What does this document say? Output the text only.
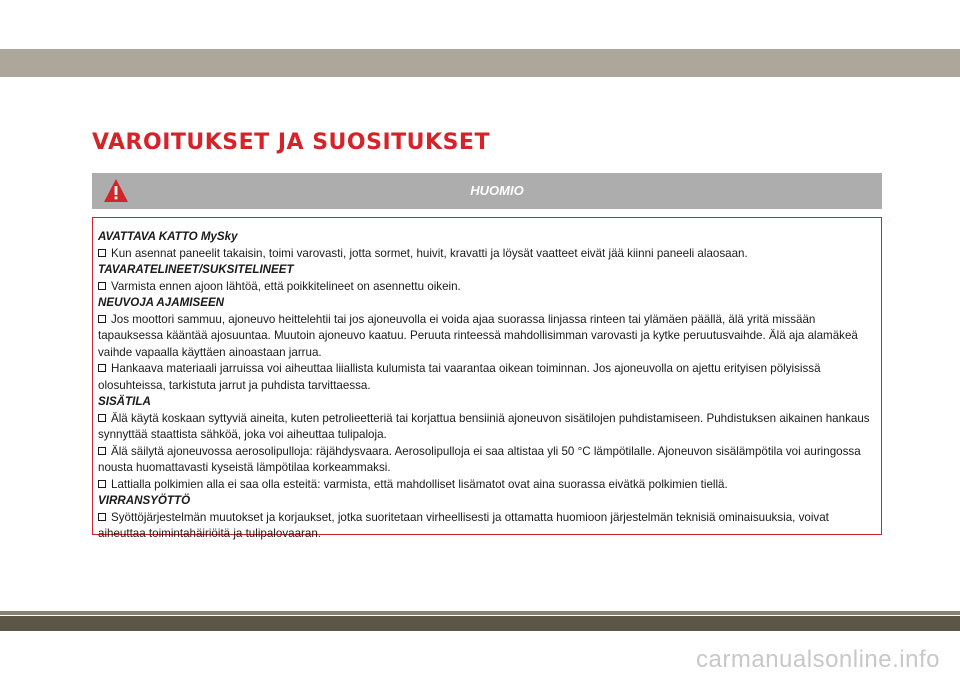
VAROITUKSET JA SUOSITUKSET
HUOMIO
AVATTAVA KATTO MySky

Kun asennat paneelit takaisin, toimi varovasti, jotta sormet, huivit, kravatti ja löysät vaatteet eivät jää kiinni paneeli alaosaan.

TAVARATELINEET/SUKSITELINEET

Varmista ennen ajoon lähtöä, että poikkitelineet on asennettu oikein.

NEUVOJA AJAMISEEN

Jos moottori sammuu, ajoneuvo heittelehtii tai jos ajoneuvolla ei voida ajaa suorassa linjassa rinteen tai ylämäen päällä, älä yritä missään tapauksessa kääntää ajosuuntaa. Muutoin ajoneuvo kaatuu. Peruuta rinteessä mahdollisimman varovasti ja kytke peruutusvaihde. Älä aja alamäkeä vaihde vapaalla käyttäen ainoastaan jarrua.

Hankaava materiaali jarruissa voi aiheuttaa liiallista kulumista tai vaarantaa oikean toiminnan. Jos ajoneuvolla on ajettu erityisen pölyisissä olosuhteissa, tarkistuta jarrut ja puhdista tarvittaessa.

SISÄTILA

Älä käytä koskaan syttyviä aineita, kuten petrolieetteriä tai korjattua bensiiniä ajoneuvon sisätilojen puhdistamiseen. Puhdistuksen aikainen hankaus synnyttää staattista sähköä, joka voi aiheuttaa tulipaloja.

Älä säilytä ajoneuvossa aerosolipulloja: räjähdysvaara. Aerosolipulloja ei saa altistaa yli 50 °C lämpötilalle. Ajoneuvon sisälämpötila voi auringossa nousta huomattavasti kyseistä lämpötilaa korkeammaksi.

Lattialla polkimien alla ei saa olla esteitä: varmista, että mahdolliset lisämatot ovat aina suorassa eivätkä polkimien tiellä.

VIRRANSYÖTTÖ

Syöttöjärjestelmän muutokset ja korjaukset, jotka suoritetaan virheellisesti ja ottamatta huomioon järjestelmän teknisiä ominaisuuksia, voivat aiheuttaa toimintahäiriöitä ja tulipalovaaran.

carmanualsonline.info
